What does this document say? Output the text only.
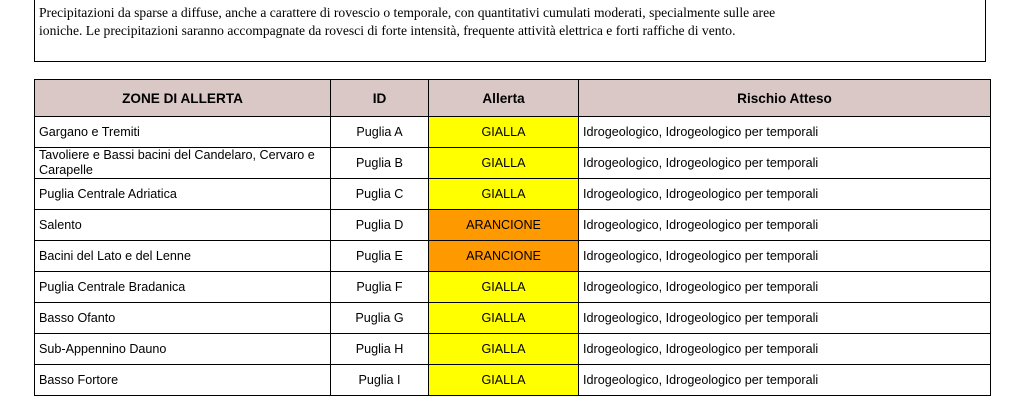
Precipitazioni da sparse a diffuse, anche a carattere di rovescio o temporale, con quantitativi cumulati moderati, specialmente sulle aree
ioniche. Le precipitazioni saranno accompagnate da rovesci di forte intensità, frequente attività elettrica e forti raffiche di vento.
ZONE DI ALLERTA	ID	Allerta	Rischio Atteso
Gargano e Tremiti	Puglia A	GIALLA	Idrogeologico, Idrogeologico per temporali
Tavoliere e Bassi bacini del Candelaro, Cervaro e Carapelle	Puglia B	GIALLA	Idrogeologico, Idrogeologico per temporali
Puglia Centrale Adriatica	Puglia C	GIALLA	Idrogeologico, Idrogeologico per temporali
Salento	Puglia D	ARANCIONE	Idrogeologico, Idrogeologico per temporali
Bacini del Lato e del Lenne	Puglia E	ARANCIONE	Idrogeologico, Idrogeologico per temporali
Puglia Centrale Bradanica	Puglia F	GIALLA	Idrogeologico, Idrogeologico per temporali
Basso Ofanto	Puglia G	GIALLA	Idrogeologico, Idrogeologico per temporali
Sub-Appennino Dauno	Puglia H	GIALLA	Idrogeologico, Idrogeologico per temporali
Basso Fortore	Puglia I	GIALLA	Idrogeologico, Idrogeologico per temporali
